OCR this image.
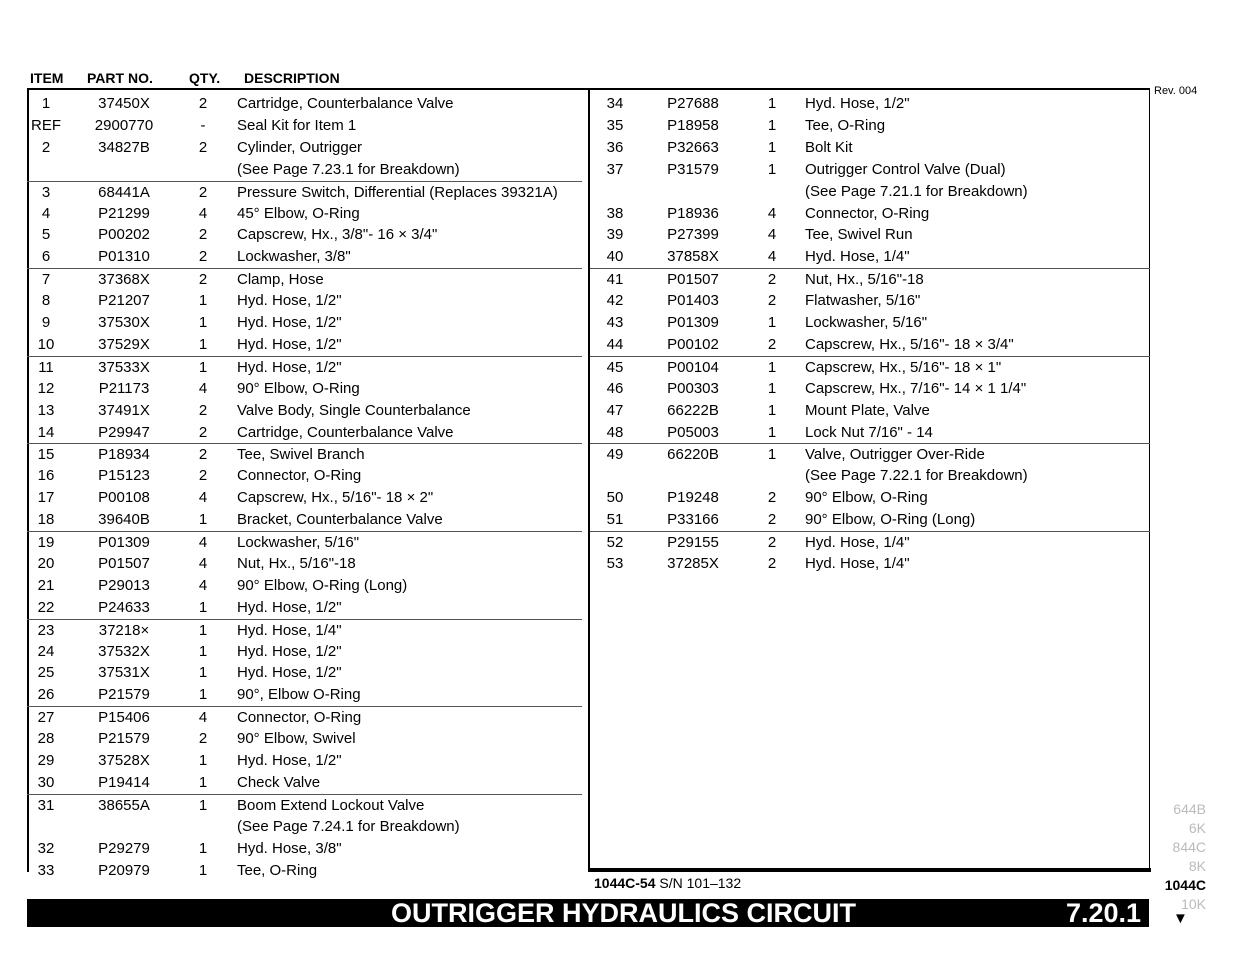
ITEM PART NO.	QTY. DESCRIPTION
Rev. 004
1	37450X	2	Cartridge, Counterbalance Valve
REF	2900770	-	Seal Kit for Item 1
2	34827B	2	Cylinder, Outrigger
(See Page 7.23.1 for Breakdown)
3	68441A	2	Pressure Switch, Differential (Replaces 39321A)
4	P21299	4	45° Elbow, O-Ring
5	P00202	2	Capscrew, Hx., 3/8"- 16 × 3/4"
6	P01310	2	Lockwasher, 3/8"
7	37368X	2	Clamp, Hose
8	P21207	1	Hyd. Hose, 1/2"
9	37530X	1	Hyd. Hose, 1/2"
10	37529X	1	Hyd. Hose, 1/2"
11	37533X	1	Hyd. Hose, 1/2"
12	P21173	4	90° Elbow, O-Ring
13	37491X	2	Valve Body, Single Counterbalance
14	P29947	2	Cartridge, Counterbalance Valve
15	P18934	2	Tee, Swivel Branch
16	P15123	2	Connector, O-Ring
17	P00108	4	Capscrew, Hx., 5/16"- 18 × 2"
18	39640B	1	Bracket, Counterbalance Valve
19	P01309	4	Lockwasher, 5/16"
20	P01507	4	Nut, Hx., 5/16"-18
21	P29013	4	90° Elbow, O-Ring (Long)
22	P24633	1	Hyd. Hose, 1/2"
23	37218×	1	Hyd. Hose, 1/4"
24	37532X	1	Hyd. Hose, 1/2"
25	37531X	1	Hyd. Hose, 1/2"
26	P21579	1	90°, Elbow O-Ring
27	P15406	4	Connector, O-Ring
28	P21579	2	90° Elbow, Swivel
29	37528X	1	Hyd. Hose, 1/2"
30	P19414	1	Check Valve
31	38655A	1	Boom Extend Lockout Valve
(See Page 7.24.1 for Breakdown)
32	P29279	1	Hyd. Hose, 3/8"
33	P20979	1	Tee, O-Ring
34	P27688	1	Hyd. Hose, 1/2"
35	P18958	1	Tee, O-Ring
36	P32663	1	Bolt Kit
37	P31579	1	Outrigger Control Valve (Dual)
(See Page 7.21.1 for Breakdown)
38	P18936	4	Connector, O-Ring
39	P27399	4	Tee, Swivel Run
40	37858X	4	Hyd. Hose, 1/4"
41	P01507	2	Nut, Hx., 5/16"-18
42	P01403	2	Flatwasher, 5/16"
43	P01309	1	Lockwasher, 5/16"
44	P00102	2	Capscrew, Hx., 5/16"- 18 × 3/4"
45	P00104	1	Capscrew, Hx., 5/16"- 18 × 1"
46	P00303	1	Capscrew, Hx., 7/16"- 14 × 1 1/4"
47	66222B	1	Mount Plate, Valve
48	P05003	1	Lock Nut 7/16" - 14
49	66220B	1	Valve, Outrigger Over-Ride
(See Page 7.22.1 for Breakdown)
50	P19248	2	90° Elbow, O-Ring
51	P33166	2	90° Elbow, O-Ring (Long)
52	P29155	2	Hyd. Hose, 1/4"
53	37285X	2	Hyd. Hose, 1/4"
1044C-54 S/N 101–132
OUTRIGGER HYDRAULICS CIRCUIT	7.20.1
644B
6K
844C
8K
1044C
10K
▼
